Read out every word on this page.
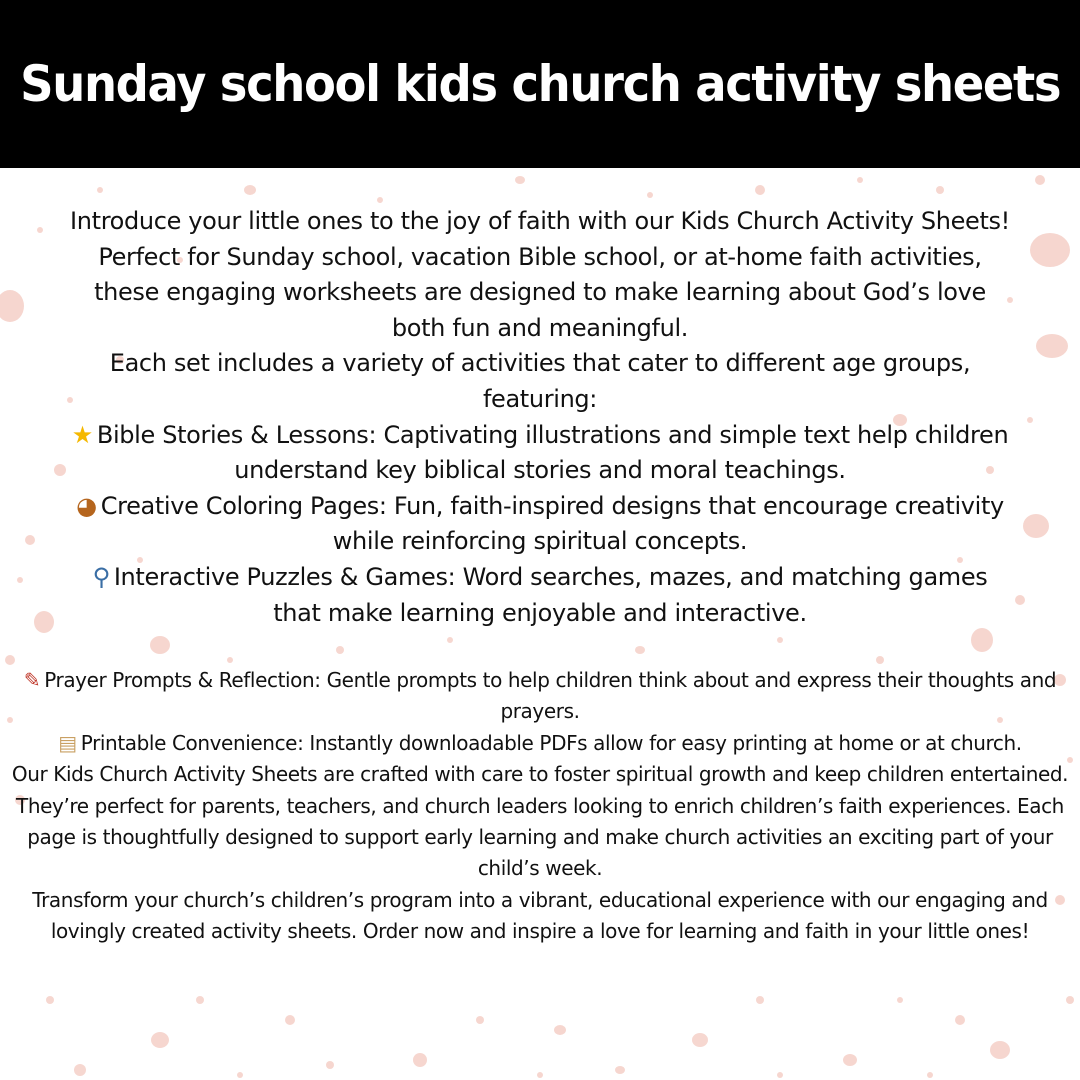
Sunday school kids church activity sheets

Introduce your little ones to the joy of faith with our Kids Church Activity Sheets! Perfect for Sunday school, vacation Bible school, or at-home faith activities, these engaging worksheets are designed to make learning about God’s love both fun and meaningful.

Each set includes a variety of activities that cater to different age groups, featuring:

★ Bible Stories & Lessons: Captivating illustrations and simple text help children understand key biblical stories and moral teachings.

◕ Creative Coloring Pages: Fun, faith-inspired designs that encourage creativity while reinforcing spiritual concepts.

⚲ Interactive Puzzles & Games: Word searches, mazes, and matching games that make learning enjoyable and interactive.

✎ Prayer Prompts & Reflection: Gentle prompts to help children think about and express their thoughts and prayers.

▤ Printable Convenience: Instantly downloadable PDFs allow for easy printing at home or at church.

Our Kids Church Activity Sheets are crafted with care to foster spiritual growth and keep children entertained. They’re perfect for parents, teachers, and church leaders looking to enrich children’s faith experiences. Each page is thoughtfully designed to support early learning and make church activities an exciting part of your child’s week.

Transform your church’s children’s program into a vibrant, educational experience with our engaging and lovingly created activity sheets. Order now and inspire a love for learning and faith in your little ones!
